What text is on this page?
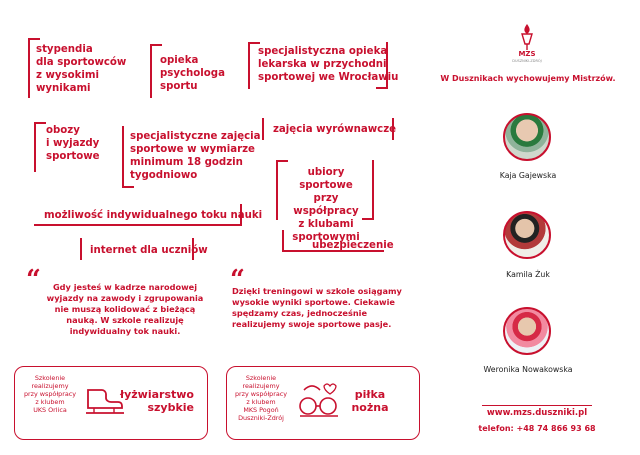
stypendia
dla sportowców
z wysokimi
wynikami
opieka
psychologa
sportu
specjalistyczna opieka
lekarska w przychodni
sportowej we Wrocławiu
obozy
i wyjazdy
sportowe
specjalistyczne zajęcia
sportowe w wymiarze
minimum 18 godzin
tygodniowo
zajęcia wyrównawcze
ubiory sportowe
przy współpracy
z klubami
sportowymi
możliwość indywidualnego toku nauki
internet dla uczniów	ubezpieczenie
“	Gdy jesteś w kadrze narodowej
wyjazdy na zawody i zgrupowania
nie muszą kolidować z bieżącą
nauką. W szkole realizuję
indywidualny tok nauki.
“
Dzięki treningowi w szkole osiągamy
wysokie wyniki sportowe. Ciekawie
spędzamy czas, jednocześnie
realizujemy swoje sportowe pasje.
Szkolenie
realizujemy
przy współpracy
z klubem
UKS Orlica
łyżwiarstwo
szybkie
Szkolenie
realizujemy
przy współpracy
z klubem
MKS Pogoń
Duszniki-Zdrój
piłka
nożna
MZS
DUSZNIKI-ZDRÓJ
W Dusznikach wychowujemy Mistrzów.
Kaja Gajewska
Kamila Żuk
Weronika Nowakowska
www.mzs.duszniki.pl
telefon: +48 74 866 93 68
